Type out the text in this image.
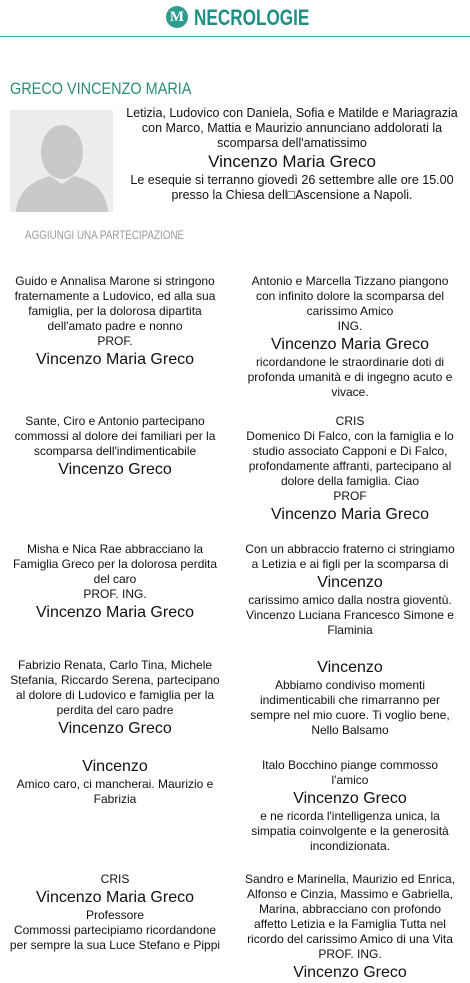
M NECROLOGIE
GRECO VINCENZO MARIA
Letizia, Ludovico con Daniela, Sofia e Matilde e Mariagrazia con Marco, Mattia e Maurizio annunciano addolorati la scomparsa dell'amatissimo
Vincenzo Maria Greco
Le esequie si terranno giovedì 26 settembre alle ore 15.00 presso la Chiesa dell□Ascensione a Napoli.
AGGIUNGI UNA PARTECIPAZIONE
Guido e Annalisa Marone si stringono fraternamente a Ludovico, ed alla sua famiglia, per la dolorosa dipartita dell'amato padre e nonno
PROF.
Vincenzo Maria Greco
Antonio e Marcella Tizzano piangono con infinito dolore la scomparsa del carissimo Amico
ING.
Vincenzo Maria Greco
ricordandone le straordinarie doti di profonda umanità e di ingegno acuto e vivace.
Sante, Ciro e Antonio partecipano commossi al dolore dei familiari per la scomparsa dell'indimenticabile
Vincenzo Greco
CRIS
Domenico Di Falco, con la famiglia e lo studio associato Capponi e Di Falco, profondamente affranti, partecipano al dolore della famiglia. Ciao
PROF
Vincenzo Maria Greco
Misha e Nica Rae abbracciano la Famiglia Greco per la dolorosa perdita del caro
PROF. ING.
Vincenzo Maria Greco
Con un abbraccio fraterno ci stringiamo a Letizia e ai figli per la scomparsa di
Vincenzo
carissimo amico dalla nostra gioventù. Vincenzo Luciana Francesco Simone e Flaminia
Fabrizio Renata, Carlo Tina, Michele Stefania, Riccardo Serena, partecipano al dolore di Ludovico e famiglia per la perdita del caro padre
Vincenzo Greco
Vincenzo
Abbiamo condiviso momenti indimenticabili che rimarranno per sempre nel mio cuore. Ti voglio bene, Nello Balsamo
Vincenzo
Amico caro, ci mancherai. Maurizio e Fabrizia
Italo Bocchino piange commosso l'amico
Vincenzo Greco
e ne ricorda l'intelligenza unica, la simpatia coinvolgente e la generosità incondizionata.
CRIS
Vincenzo Maria Greco
Professore
Commossi partecipiamo ricordandone per sempre la sua Luce Stefano e Pippi
Sandro e Marinella, Maurizio ed Enrica, Alfonso e Cinzia, Massimo e Gabriella, Marina, abbracciano con profondo affetto Letizia e la Famiglia Tutta nel ricordo del carissimo Amico di una Vita
PROF. ING.
Vincenzo Greco
